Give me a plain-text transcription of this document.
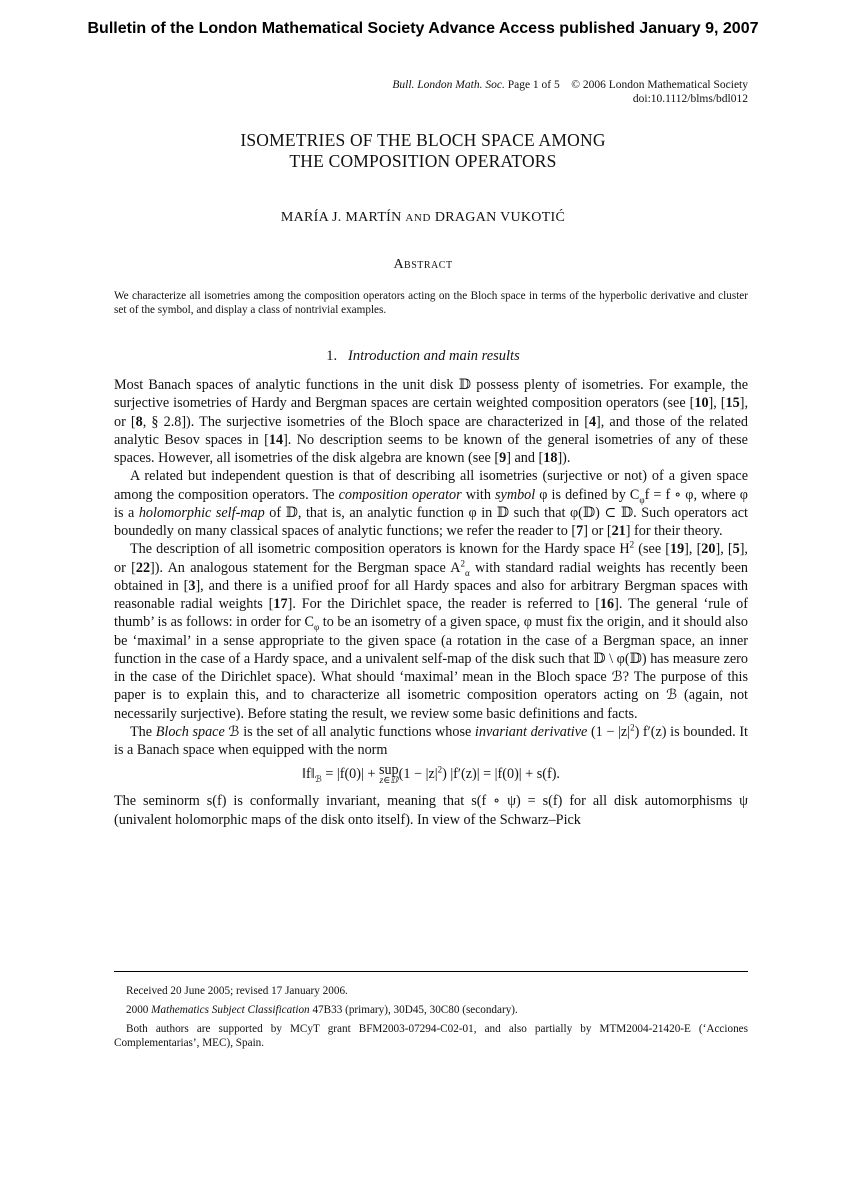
Bulletin of the London Mathematical Society Advance Access published January 9, 2007
Bull. London Math. Soc. Page 1 of 5 © 2006 London Mathematical Society
doi:10.1112/blms/bdl012
ISOMETRIES OF THE BLOCH SPACE AMONG
THE COMPOSITION OPERATORS
MARÍA J. MARTÍN AND DRAGAN VUKOTIĆ
Abstract
We characterize all isometries among the composition operators acting on the Bloch space in terms of the hyperbolic derivative and cluster set of the symbol, and display a class of nontrivial examples.
1. Introduction and main results

Most Banach spaces of analytic functions in the unit disk 𝔻 possess plenty of isometries. For example, the surjective isometries of Hardy and Bergman spaces are certain weighted composition operators (see [10], [15], or [8, § 2.8]). The surjective isometries of the Bloch space are characterized in [4], and those of the related analytic Besov spaces in [14]. No description seems to be known of the general isometries of any of these spaces. However, all isometries of the disk algebra are known (see [9] and [18]).

A related but independent question is that of describing all isometries (surjective or not) of a given space among the composition operators. The composition operator with symbol φ is defined by $C_\varphi f = f$ ∘ φ, where φ is a holomorphic self-map of 𝔻, that is, an analytic function φ in 𝔻 such that φ(𝔻) ⊂ 𝔻. Such operators act boundedly on many classical spaces of analytic functions; we refer the reader to [7] or [21] for their theory.

The description of all isometric composition operators is known for the Hardy space $H^2$ (see [19], [20], [5], or [22]). An analogous statement for the Bergman space $A^2_\alpha$ with standard radial weights has recently been obtained in [3], and there is a unified proof for all Hardy spaces and also for arbitrary Bergman spaces with reasonable radial weights [17]. For the Dirichlet space, the reader is referred to [16]. The general ‘rule of thumb’ is as follows: in order for $C_\varphi$ to be an isometry of a given space, φ must fix the origin, and it should also be ‘maximal’ in a sense appropriate to the given space (a rotation in the case of a Bergman space, an inner function in the case of a Hardy space, and a univalent self-map of the disk such that 𝔻 \ φ(𝔻) has measure zero in the case of the Dirichlet space). What should ‘maximal’ mean in the Bloch space ℬ? The purpose of this paper is to explain this, and to characterize all isometric composition operators acting on ℬ (again, not necessarily surjective). Before stating the result, we review some basic definitions and facts.

The Bloch space ℬ is the set of all analytic functions whose invariant derivative $(1 - |z|^2)$ f′(z) is bounded. It is a Banach space when equipped with the norm

$‖f‖_ℬ = |f(0)|$ + sup
z∈𝔻 $(1 - |z|^2)$ |f′(z)| = |f(0)| + s(f).

The seminorm s(f) is conformally invariant, meaning that s(f ∘ ψ) = s(f) for all disk automorphisms ψ (univalent holomorphic maps of the disk onto itself). In view of the Schwarz–Pick

Received 20 June 2005; revised 17 January 2006.

2000 Mathematics Subject Classification 47B33 (primary), 30D45, 30C80 (secondary).

Both authors are supported by MCyT grant BFM2003-07294-C02-01, and also partially by MTM2004-21420-E (‘Acciones Complementarias’, MEC), Spain.
